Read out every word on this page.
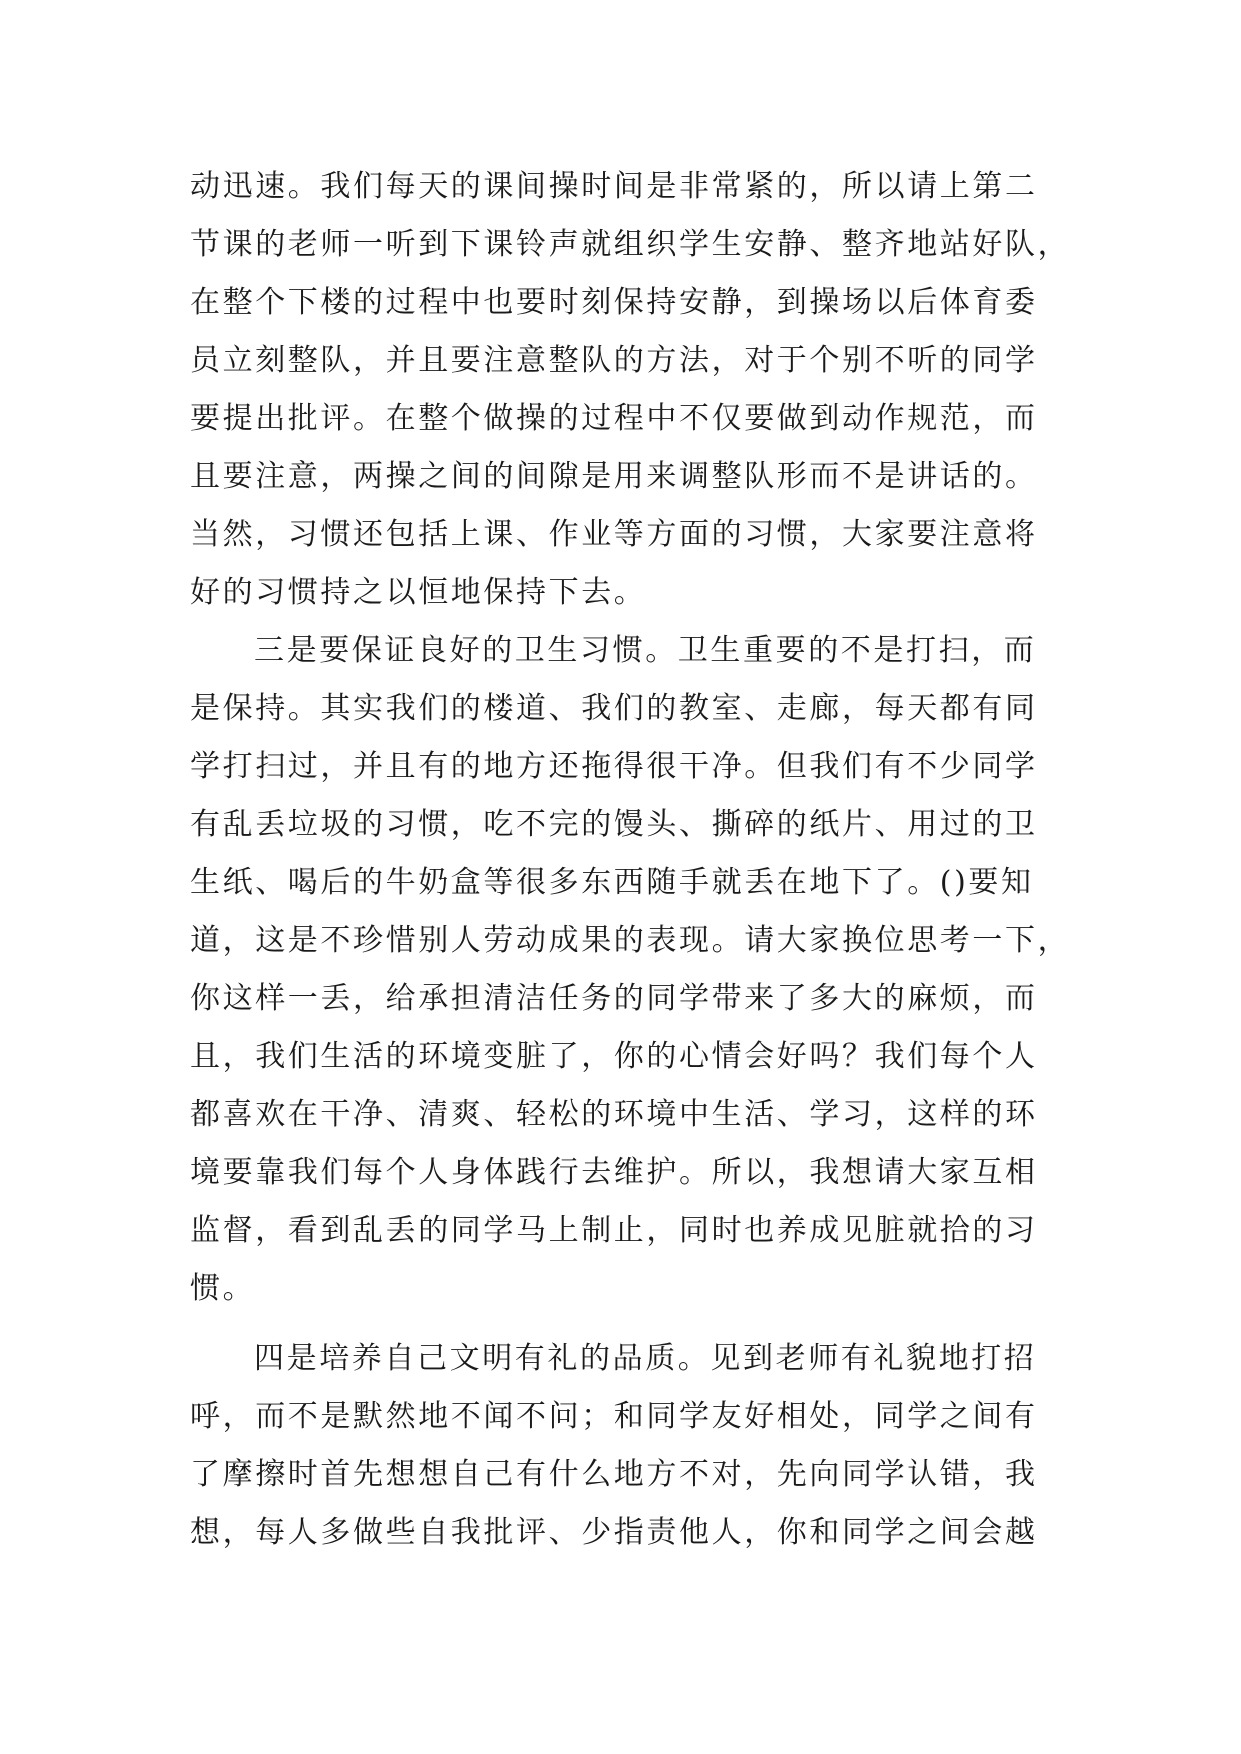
动迅速。我们每天的课间操时间是非常紧的，所以请上第二
节课的老师一听到下课铃声就组织学生安静、整齐地站好队，
在整个下楼的过程中也要时刻保持安静，到操场以后体育委
员立刻整队，并且要注意整队的方法，对于个别不听的同学
要提出批评。在整个做操的过程中不仅要做到动作规范，而
且要注意，两操之间的间隙是用来调整队形而不是讲话的。
当然，习惯还包括上课、作业等方面的习惯，大家要注意将
好的习惯持之以恒地保持下去。
三是要保证良好的卫生习惯。卫生重要的不是打扫，而
是保持。其实我们的楼道、我们的教室、走廊，每天都有同
学打扫过，并且有的地方还拖得很干净。但我们有不少同学
有乱丢垃圾的习惯，吃不完的馒头、撕碎的纸片、用过的卫
生纸、喝后的牛奶盒等很多东西随手就丢在地下了。()要知
道，这是不珍惜别人劳动成果的表现。请大家换位思考一下，
你这样一丢，给承担清洁任务的同学带来了多大的麻烦，而
且，我们生活的环境变脏了，你的心情会好吗？我们每个人
都喜欢在干净、清爽、轻松的环境中生活、学习，这样的环
境要靠我们每个人身体践行去维护。所以，我想请大家互相
监督，看到乱丢的同学马上制止，同时也养成见脏就拾的习
惯。
四是培养自己文明有礼的品质。见到老师有礼貌地打招
呼，而不是默然地不闻不问；和同学友好相处，同学之间有
了摩擦时首先想想自己有什么地方不对，先向同学认错，我
想，每人多做些自我批评、少指责他人，你和同学之间会越
